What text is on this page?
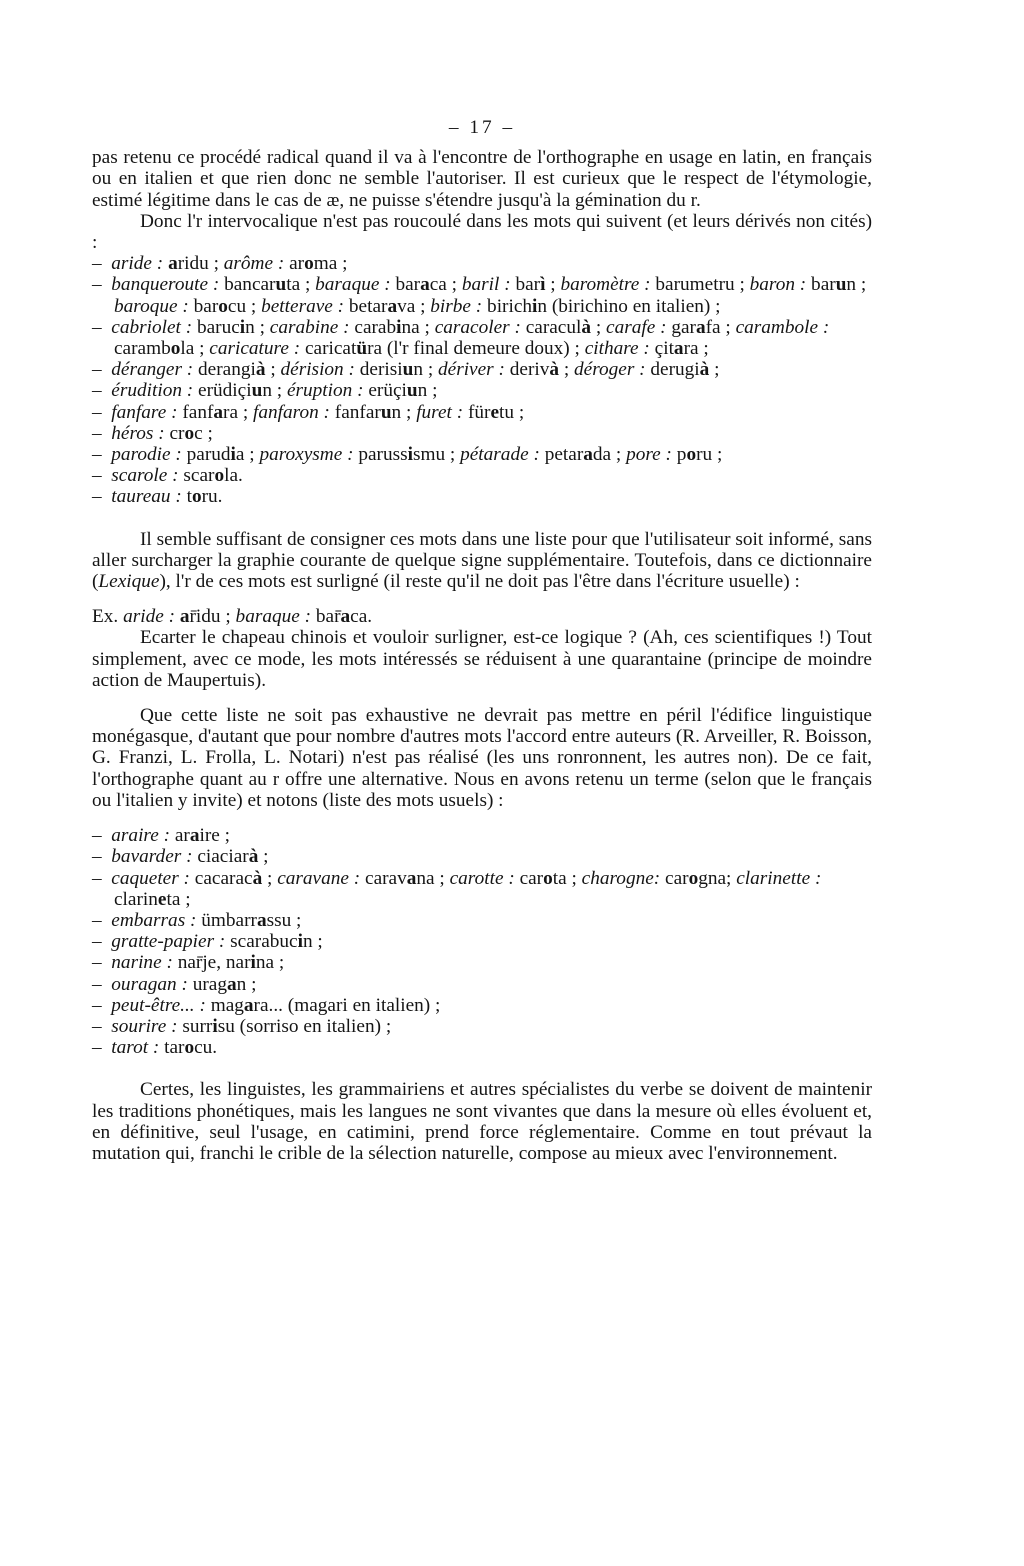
– 17 –

pas retenu ce procédé radical quand il va à l'encontre de l'orthographe en usage en latin, en français ou en italien et que rien donc ne semble l'autoriser. Il est curieux que le respect de l'étymologie, estimé légitime dans le cas de æ, ne puisse s'étendre jusqu'à la gémination du r.

Donc l'r intervocalique n'est pas roucoulé dans les mots qui suivent (et leurs dérivés non cités) :

–  aride : aridu ; arôme : aroma ;
–  banqueroute : bancaruta ; baraque : baraca ; baril : barì ; baromètre : barumetru ; baron : barun ; baroque : barocu ; betterave : betarava ; birbe : birichin (birichino en italien) ;
–  cabriolet : barucin ; carabine : carabina ; caracoler : caraculà ; carafe : garafa ; carambole : carambola ; caricature : caricatüra (l'r final demeure doux) ; cithare : çitara ;
–  déranger : derangià ; dérision : derisiun ; dériver : derivà ; déroger : derugià ;
–  érudition : erüdiçiun ; éruption : erüçiun ;
–  fanfare : fanfara ; fanfaron : fanfarun ; furet : füretu ;
–  héros : croc ;
–  parodie : parudia ; paroxysme : parussismu ; pétarade : petarada ; pore : poru ;
–  scarole : scarola.
–  taureau : toru.

Il semble suffisant de consigner ces mots dans une liste pour que l'utilisateur soit informé, sans aller surcharger la graphie courante de quelque signe supplémentaire. Toutefois, dans ce dictionnaire (Lexique), l'r de ces mots est surligné (il reste qu'il ne doit pas l'être dans l'écriture usuelle) :

Ex. aride : ar̄idu ; baraque : bar̄aca.

Ecarter le chapeau chinois et vouloir surligner, est-ce logique ? (Ah, ces scientifiques !) Tout simplement, avec ce mode, les mots intéressés se réduisent à une quarantaine (principe de moindre action de Maupertuis).

Que cette liste ne soit pas exhaustive ne devrait pas mettre en péril l'édifice linguistique monégasque, d'autant que pour nombre d'autres mots l'accord entre auteurs (R. Arveiller, R. Boisson, G. Franzi, L. Frolla, L. Notari) n'est pas réalisé (les uns ronronnent, les autres non). De ce fait, l'orthographe quant au r offre une alternative. Nous en avons retenu un terme (selon que le français ou l'italien y invite) et notons (liste des mots usuels) :

–  araire : araire ;
–  bavarder : ciaciarà ;
–  caqueter : cacaracà ; caravane : caravana ; carotte : carota ; charogne: carogna; clarinette : clarineta ;
–  embarras : ümbarrassu ;
–  gratte-papier : scarabucin ;
–  narine : nar̄je, narina ;
–  ouragan : uragan ;
–  peut-être... : magara... (magari en italien) ;
–  sourire : surrisu (sorriso en italien) ;
–  tarot : tarocu.

Certes, les linguistes, les grammairiens et autres spécialistes du verbe se doivent de maintenir les traditions phonétiques, mais les langues ne sont vivantes que dans la mesure où elles évoluent et, en définitive, seul l'usage, en catimini, prend force réglementaire. Comme en tout prévaut la mutation qui, franchi le crible de la sélection naturelle, compose au mieux avec l'environnement.
